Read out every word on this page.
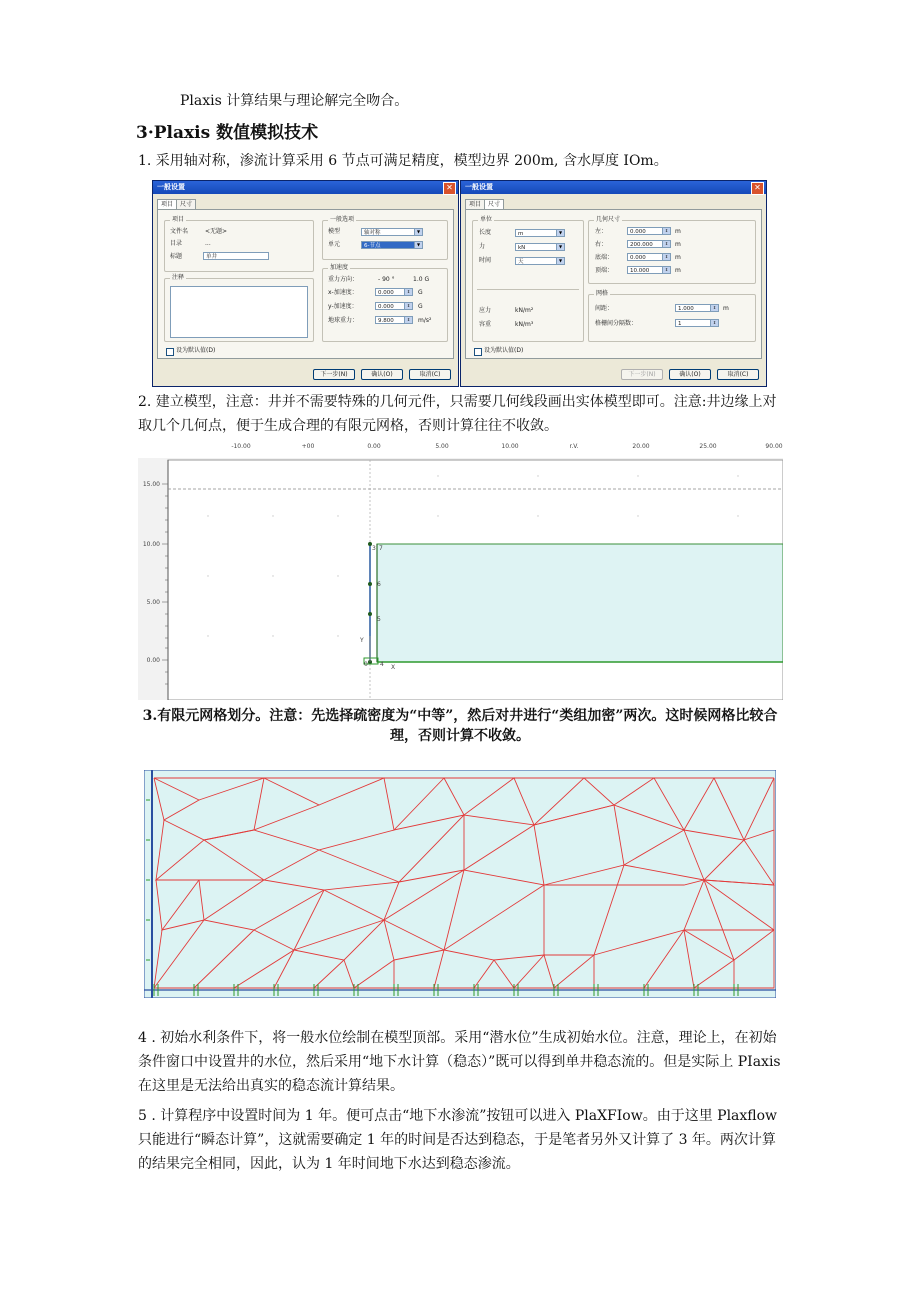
Plaxis 计算结果与理论解完全吻合。
3·Plaxis 数值模拟技术
1. 采用轴对称，渗流计算采用 6 节点可满足精度，模型边界 200m, 含水厚度 IOm。
一般设置	✕
项目 尺寸
项目
文件名	<无题>
目录	...
标题	单井
注释
一般选项
模型	轴对称	▼
单元	6-节点	▼
加速度
重力方向：	- 90 °	1.0 G
x-加速度：	0.000	⇕	G
y-加速度：	0.000	⇕	G
地球重力：	9.800	⇕	m/s²
设为默认值(D)
下一步(N)	确认(O)	取消(C)
一般设置	✕
项目 尺寸
单位
长度	m	▼
力	kN	▼
时间	天	▼
应力	kN/m²
容重	kN/m³
几何尺寸
左：	0.000	⇕	m
右：	200.000	⇕	m
底端：	0.000	⇕	m
顶端：	10.000	⇕	m
网格
间距：	1.000	⇕	m
格栅间分隔数：	1	⇕
设为默认值(D)
下一步(N)	确认(O)	取消(C)
2. 建立模型，注意：井并不需要特殊的几何元件，只需要几何线段画出实体模型即可。注意:井边缘上对取几个几何点，便于生成合理的有限元网格，否则计算往往不收敛。
-10.00	+00	0.00	5.00	10.00	r.V.	20.00	25.00	90.00
15.00
10.00
5.00
0.00
3 7
6
5
4
0
Y
X
3.有限元网格划分。注意：先选择疏密度为“中等”，然后对井进行“类组加密”两次。这时候网格比较合理，否则计算不收敛。
4 . 初始水利条件下，将一般水位绘制在模型顶部。采用“潜水位”生成初始水位。注意，理论上，在初始条件窗口中设置井的水位，然后采用“地下水计算（稳态）”既可以得到单井稳态流的。但是实际上 PIaxis 在这里是无法给出真实的稳态流计算结果。
5 . 计算程序中设置时间为 1 年。便可点击“地下水渗流”按钮可以进入 PlaXFIow。由于这里 Plaxflow 只能进行“瞬态计算”，这就需要确定 1 年的时间是否达到稳态，于是笔者另外又计算了 3 年。两次计算的结果完全相同，因此，认为 1 年时间地下水达到稳态渗流。
